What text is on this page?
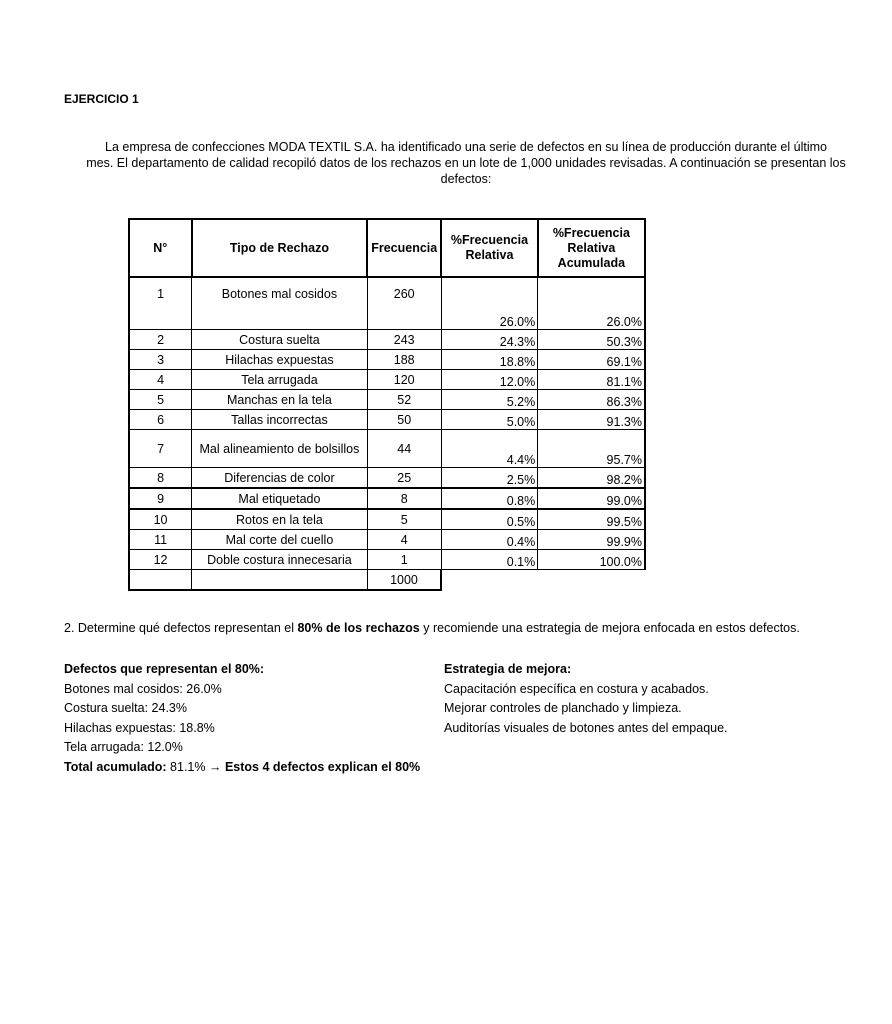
EJERCICIO 1
La empresa de confecciones MODA TEXTIL S.A. ha identificado una serie de defectos en su línea de producción durante el último
mes. El departamento de calidad recopiló datos de los rechazos en un lote de 1,000 unidades revisadas. A continuación se presentan los
defectos:
N°	Tipo de Rechazo	Frecuencia	%Frecuencia Relativa	%Frecuencia Relativa Acumulada
1	Botones mal cosidos	260	26.0%	26.0%
2	Costura suelta	243	24.3%	50.3%
3	Hilachas expuestas	188	18.8%	69.1%
4	Tela arrugada	120	12.0%	81.1%
5	Manchas en la tela	52	5.2%	86.3%
6	Tallas incorrectas	50	5.0%	91.3%
7	Mal alineamiento de bolsillos	44	4.4%	95.7%
8	Diferencias de color	25	2.5%	98.2%
9	Mal etiquetado	8	0.8%	99.0%
10	Rotos en la tela	5	0.5%	99.5%
11	Mal corte del cuello	4	0.4%	99.9%
12	Doble costura innecesaria	1	0.1%	100.0%
		1000		
2. Determine qué defectos representan el 80% de los rechazos y recomiende una estrategia de mejora enfocada en estos defectos.
Defectos que representan el 80%:
Botones mal cosidos: 26.0%
Costura suelta: 24.3%
Hilachas expuestas: 18.8%
Tela arrugada: 12.0%
Total acumulado: 81.1% → Estos 4 defectos explican el 80%
Estrategia de mejora:
Capacitación específica en costura y acabados.
Mejorar controles de planchado y limpieza.
Auditorías visuales de botones antes del empaque.
